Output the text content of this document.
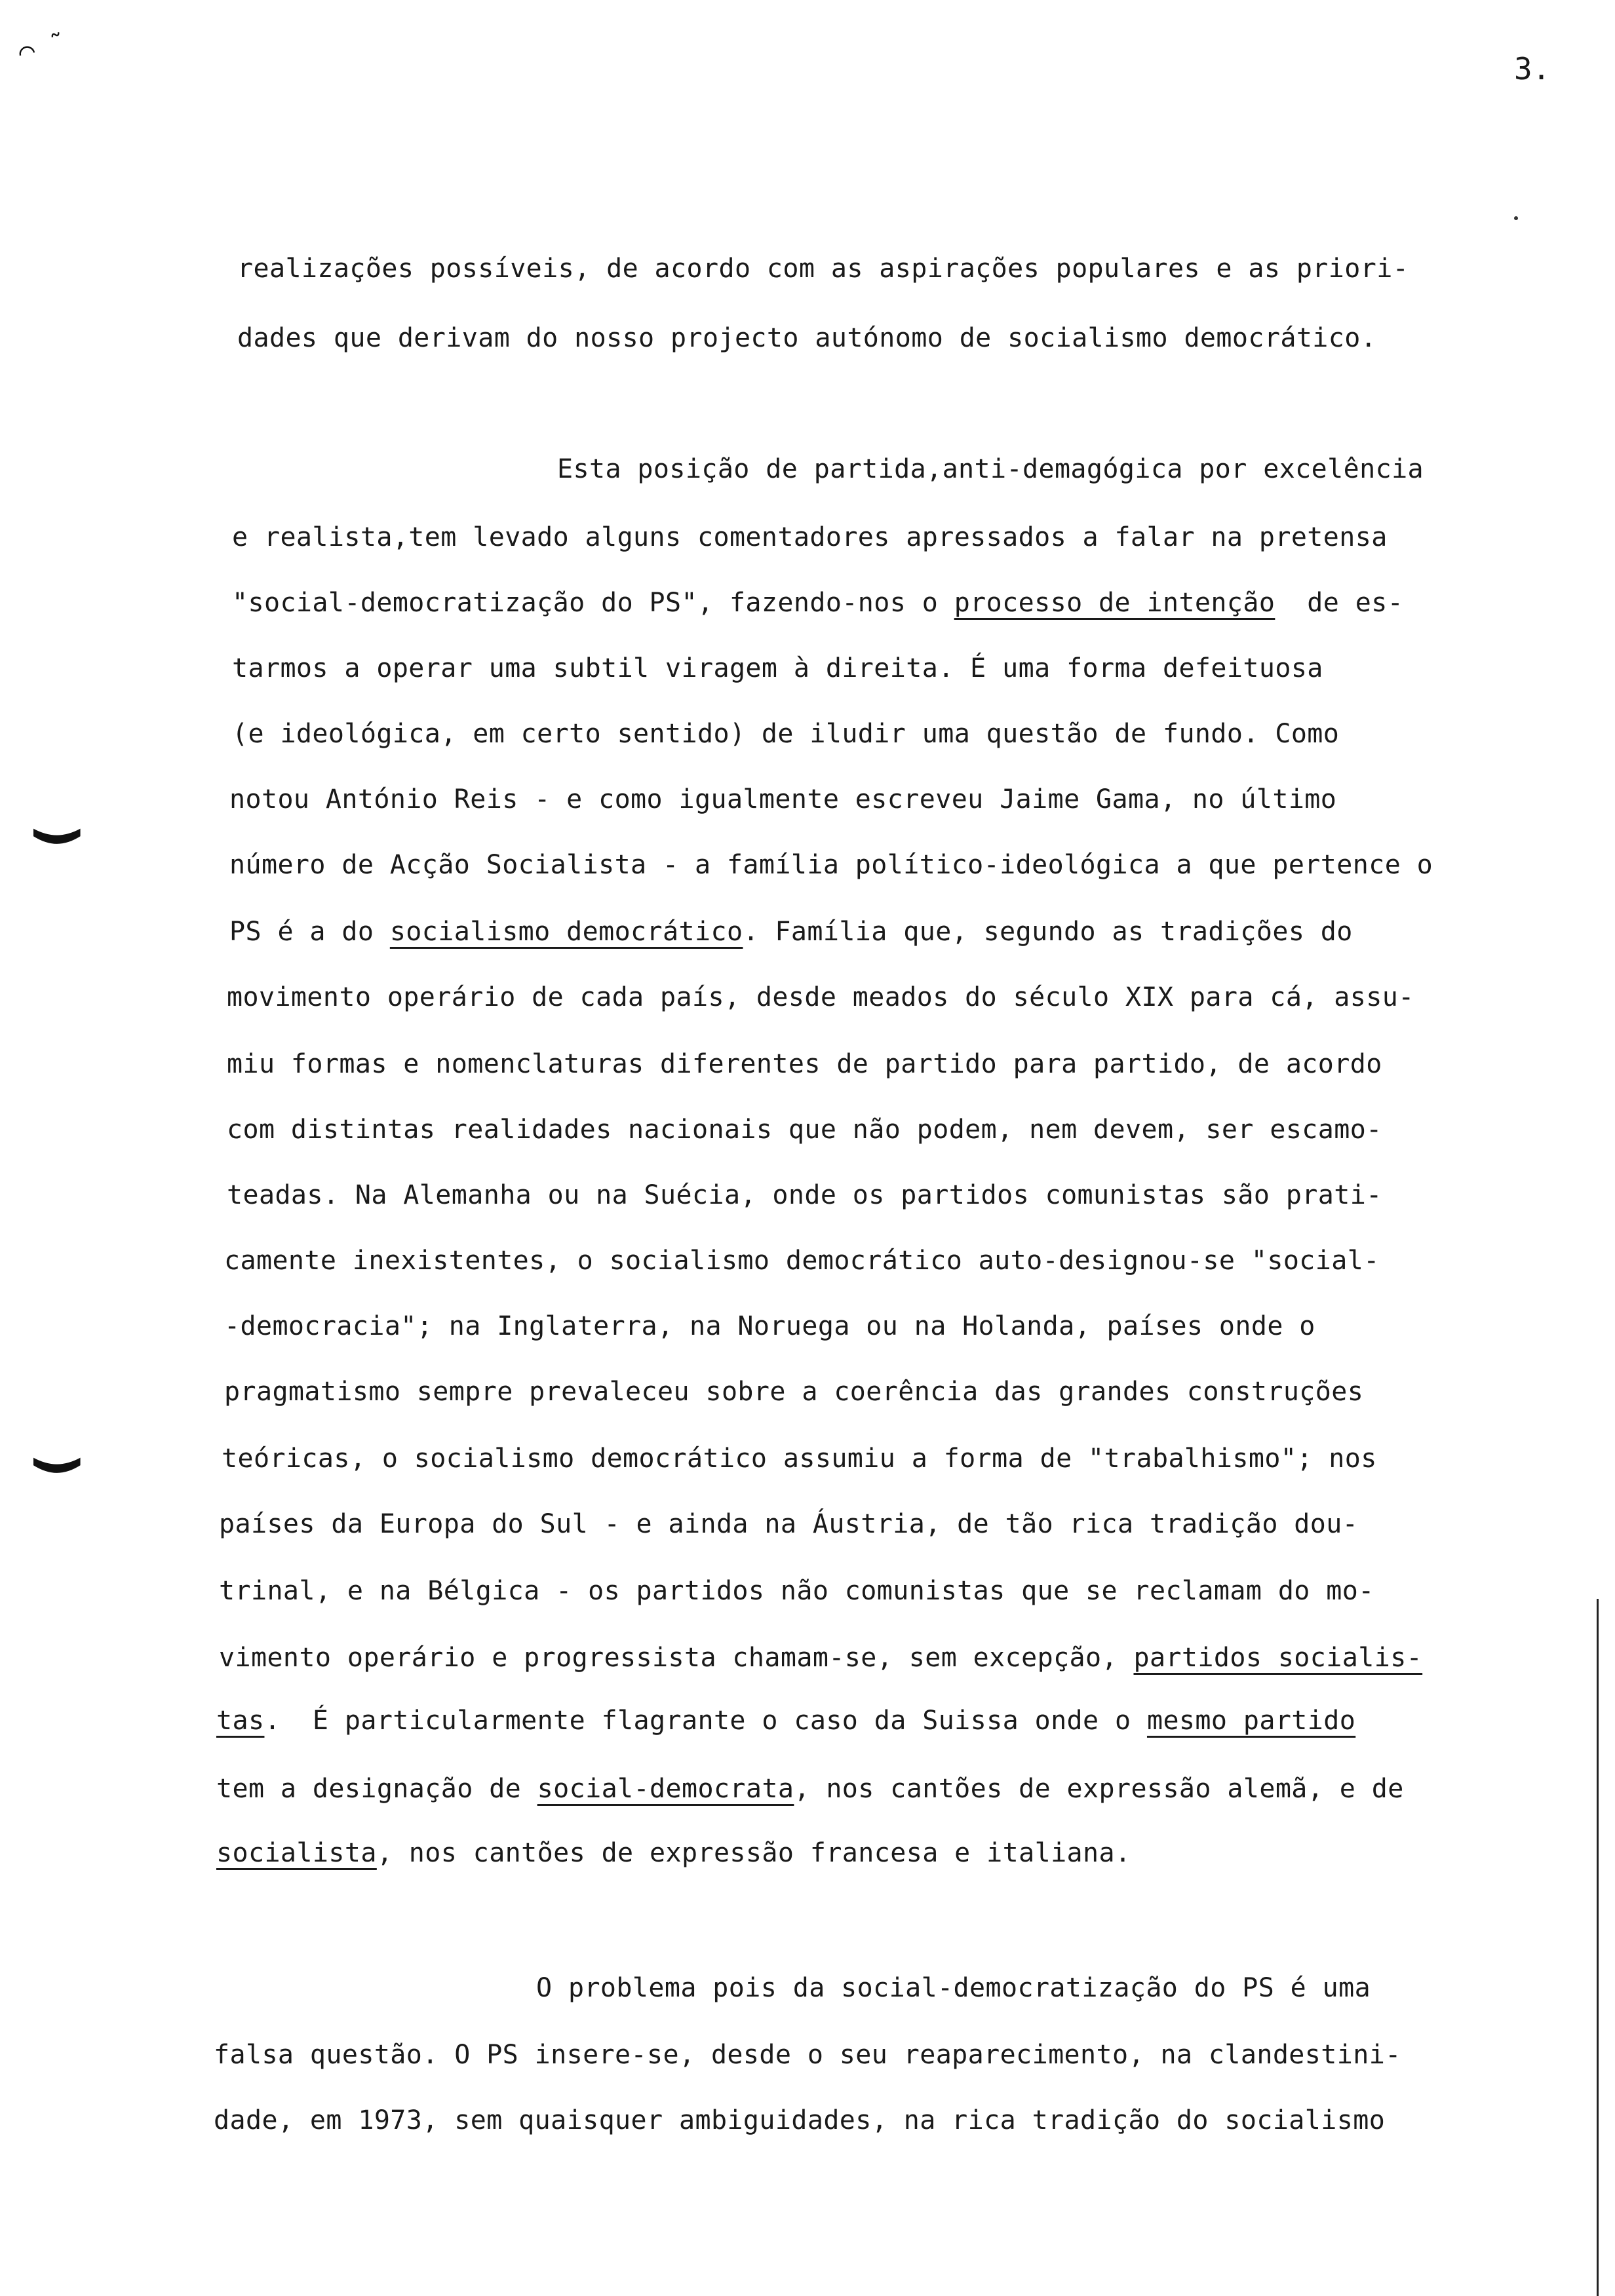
⌒ ˜
3.
(
(
realizações possíveis, de acordo com as aspirações populares e as priori-
dades que derivam do nosso projecto autónomo de socialismo democrático.
Esta posição de partida,anti-demagógica por excelência
e realista,tem levado alguns comentadores apressados a falar na pretensa
"social-democratização do PS", fazendo-nos o processo de intenção  de es-
tarmos a operar uma subtil viragem à direita. É uma forma defeituosa
(e ideológica, em certo sentido) de iludir uma questão de fundo. Como
notou António Reis - e como igualmente escreveu Jaime Gama, no último
número de Acção Socialista - a família político-ideológica a que pertence o
PS é a do socialismo democrático. Família que, segundo as tradições do
movimento operário de cada país, desde meados do século XIX para cá, assu-
miu formas e nomenclaturas diferentes de partido para partido, de acordo
com distintas realidades nacionais que não podem, nem devem, ser escamo-
teadas. Na Alemanha ou na Suécia, onde os partidos comunistas são prati-
camente inexistentes, o socialismo democrático auto-designou-se "social-
-democracia"; na Inglaterra, na Noruega ou na Holanda, países onde o
pragmatismo sempre prevaleceu sobre a coerência das grandes construções
teóricas, o socialismo democrático assumiu a forma de "trabalhismo"; nos
países da Europa do Sul - e ainda na Áustria, de tão rica tradição dou-
trinal, e na Bélgica - os partidos não comunistas que se reclamam do mo-
vimento operário e progressista chamam-se, sem excepção, partidos socialis-
tas.  É particularmente flagrante o caso da Suissa onde o mesmo partido
tem a designação de social-democrata, nos cantões de expressão alemã, e de
socialista, nos cantões de expressão francesa e italiana.
O problema pois da social-democratização do PS é uma
falsa questão. O PS insere-se, desde o seu reaparecimento, na clandestini-
dade, em 1973, sem quaisquer ambiguidades, na rica tradição do socialismo
